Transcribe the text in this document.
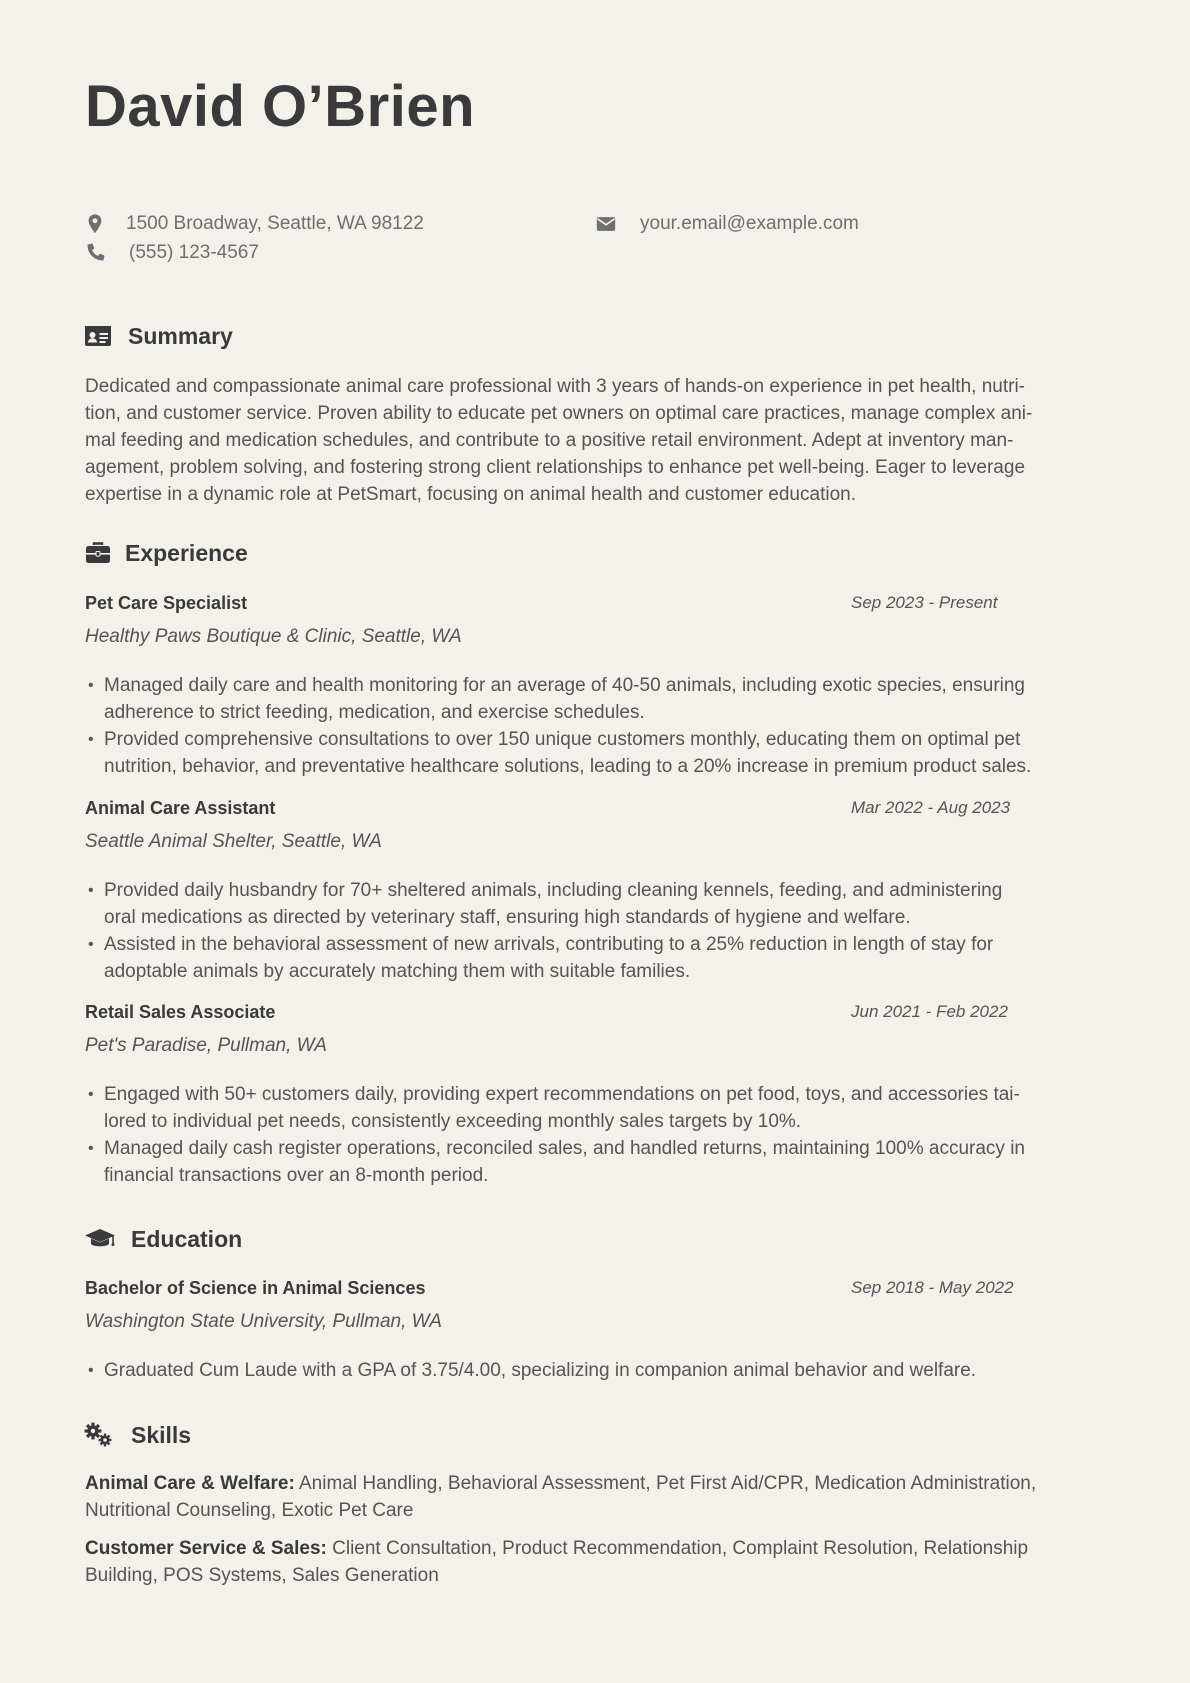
David O’Brien
1500 Broadway, Seattle, WA 98122	your.email@example.com
(555) 123-4567
Summary
Dedicated and compassionate animal care professional with 3 years of hands-on experience in pet health, nutri-
tion, and customer service. Proven ability to educate pet owners on optimal care practices, manage complex ani-
mal feeding and medication schedules, and contribute to a positive retail environment. Adept at inventory man-
agement, problem solving, and fostering strong client relationships to enhance pet well-being. Eager to leverage
expertise in a dynamic role at PetSmart, focusing on animal health and customer education.
Experience
Pet Care Specialist	Sep 2023 - Present
Healthy Paws Boutique & Clinic, Seattle, WA
• Managed daily care and health monitoring for an average of 40-50 animals, including exotic species, ensuring
adherence to strict feeding, medication, and exercise schedules.
• Provided comprehensive consultations to over 150 unique customers monthly, educating them on optimal pet
nutrition, behavior, and preventative healthcare solutions, leading to a 20% increase in premium product sales.
Animal Care Assistant	Mar 2022 - Aug 2023
Seattle Animal Shelter, Seattle, WA
• Provided daily husbandry for 70+ sheltered animals, including cleaning kennels, feeding, and administering
oral medications as directed by veterinary staff, ensuring high standards of hygiene and welfare.
• Assisted in the behavioral assessment of new arrivals, contributing to a 25% reduction in length of stay for
adoptable animals by accurately matching them with suitable families.
Retail Sales Associate	Jun 2021 - Feb 2022
Pet's Paradise, Pullman, WA
• Engaged with 50+ customers daily, providing expert recommendations on pet food, toys, and accessories tai-
lored to individual pet needs, consistently exceeding monthly sales targets by 10%.
• Managed daily cash register operations, reconciled sales, and handled returns, maintaining 100% accuracy in
financial transactions over an 8-month period.
Education
Bachelor of Science in Animal Sciences	Sep 2018 - May 2022
Washington State University, Pullman, WA
• Graduated Cum Laude with a GPA of 3.75/4.00, specializing in companion animal behavior and welfare.
Skills
Animal Care & Welfare: Animal Handling, Behavioral Assessment, Pet First Aid/CPR, Medication Administration,
Nutritional Counseling, Exotic Pet Care
Customer Service & Sales: Client Consultation, Product Recommendation, Complaint Resolution, Relationship
Building, POS Systems, Sales Generation
